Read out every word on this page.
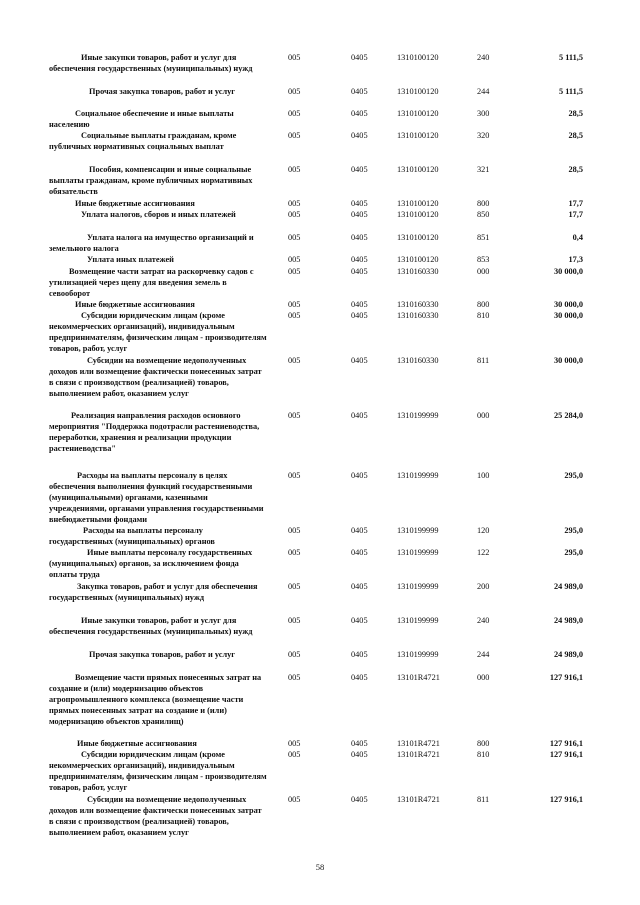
Иные закупки товаров, работ и услуг для обеспечения государственных (муниципальных) нужд
005	0405	1310100120	240	5 111,5
Прочая закупка товаров, работ и услуг	005	0405	1310100120	244	5 111,5
Социальное обеспечение и иные выплаты населению
005	0405	1310100120	300	28,5
Социальные выплаты гражданам, кроме публичных нормативных социальных выплат
005	0405	1310100120	320	28,5
Пособия, компенсации и иные социальные выплаты гражданам, кроме публичных нормативных обязательств
005	0405	1310100120	321	28,5
Иные бюджетные ассигнования	005	0405	1310100120	800	17,7
Уплата налогов, сборов и иных платежей	005	0405	1310100120	850	17,7
Уплата налога на имущество организаций и земельного налога
005	0405	1310100120	851	0,4
Уплата иных платежей	005	0405	1310100120	853	17,3
Возмещение части затрат на раскорчевку садов с утилизацией через щепу для введения земель в севооборот
005	0405	1310160330	000	30 000,0
Иные бюджетные ассигнования	005	0405	1310160330	800	30 000,0
Субсидии юридическим лицам (кроме некоммерческих организаций), индивидуальным предпринимателям, физическим лицам - производителям товаров, работ, услуг
005	0405	1310160330	810	30 000,0
Субсидии на возмещение недополученных доходов или возмещение фактически понесенных затрат в связи с производством (реализацией) товаров, выполнением работ, оказанием услуг
005	0405	1310160330	811	30 000,0
Реализация направления расходов основного мероприятия "Поддержка подотрасли растениеводства, переработки, хранения и реализации продукции растениеводства"
005	0405	1310199999	000	25 284,0
Расходы на выплаты персоналу в целях обеспечения выполнения функций государственными (муниципальными) органами, казенными учреждениями, органами управления государственными внебюджетными фондами
005	0405	1310199999	100	295,0
Расходы на выплаты персоналу государственных (муниципальных) органов
005	0405	1310199999	120	295,0
Иные выплаты персоналу государственных (муниципальных) органов, за исключением фонда оплаты труда
005	0405	1310199999	122	295,0
Закупка товаров, работ и услуг для обеспечения государственных (муниципальных) нужд
005	0405	1310199999	200	24 989,0
Иные закупки товаров, работ и услуг для обеспечения государственных (муниципальных) нужд
005	0405	1310199999	240	24 989,0
Прочая закупка товаров, работ и услуг	005	0405	1310199999	244	24 989,0
Возмещение части прямых понесенных затрат на создание и (или) модернизацию объектов агропромышленного комплекса (возмещение части прямых понесенных затрат на создание и (или) модернизацию объектов хранилищ)
005	0405	13101R4721	000	127 916,1
Иные бюджетные ассигнования	005	0405	13101R4721	800	127 916,1
Субсидии юридическим лицам (кроме некоммерческих организаций), индивидуальным предпринимателям, физическим лицам - производителям товаров, работ, услуг
005	0405	13101R4721	810	127 916,1
Субсидии на возмещение недополученных доходов или возмещение фактически понесенных затрат в связи с производством (реализацией) товаров, выполнением работ, оказанием услуг
005	0405	13101R4721	811	127 916,1
58
